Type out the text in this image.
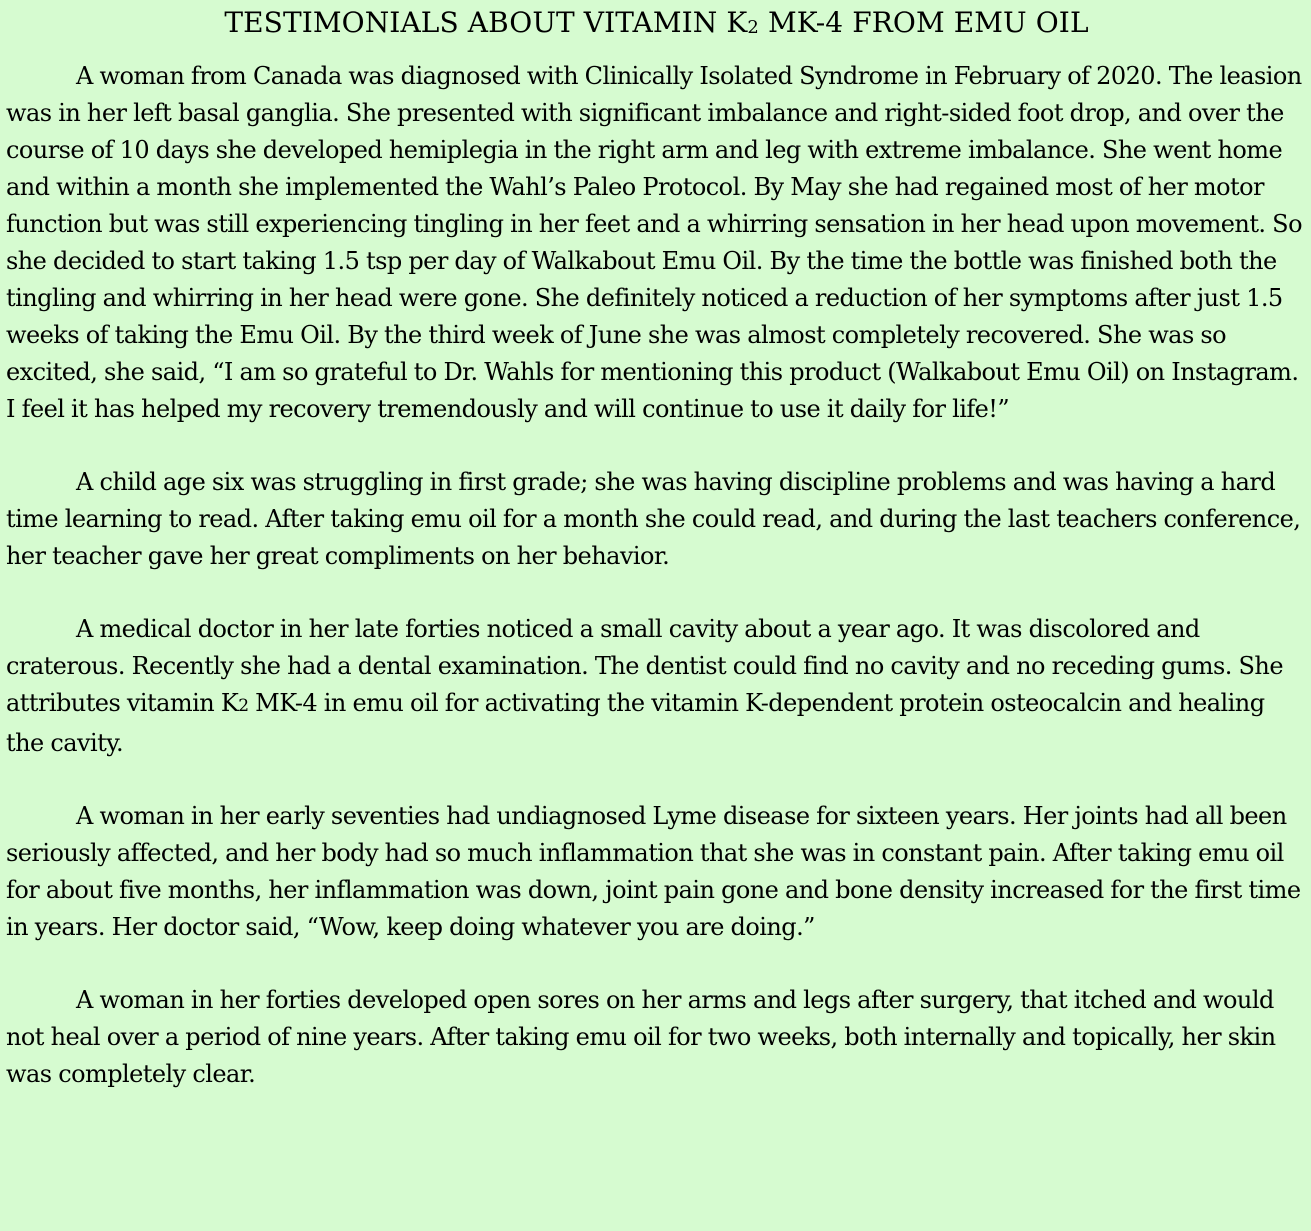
TESTIMONIALS ABOUT VITAMIN $K_2$ MK-4 FROM EMU OIL

A woman from Canada was diagnosed with Clinically Isolated Syndrome in February of 2020. The leasion was in her left basal ganglia. She presented with significant imbalance and right-sided foot drop, and over the course of 10 days she developed hemiplegia in the right arm and leg with extreme imbalance. She went home and within a month she implemented the Wahl’s Paleo Protocol. By May she had regained most of her motor function but was still experiencing tingling in her feet and a whirring sensation in her head upon movement. So she decided to start taking 1.5 tsp per day of Walkabout Emu Oil. By the time the bottle was finished both the tingling and whirring in her head were gone. She definitely noticed a reduction of her symptoms after just 1.5 weeks of taking the Emu Oil. By the third week of June she was almost completely recovered. She was so excited, she said, “I am so grateful to Dr. Wahls for mentioning this product (Walkabout Emu Oil) on Instagram. I feel it has helped my recovery tremendously and will continue to use it daily for life!”

A child age six was struggling in first grade; she was having discipline problems and was having a hard time learning to read. After taking emu oil for a month she could read, and during the last teachers conference, her teacher gave her great compliments on her behavior.

A medical doctor in her late forties noticed a small cavity about a year ago. It was discolored and craterous. Recently she had a dental examination. The dentist could find no cavity and no receding gums. She attributes vitamin K2 MK-4 in emu oil for activating the vitamin K-dependent protein osteocalcin and healing the cavity.

A woman in her early seventies had undiagnosed Lyme disease for sixteen years. Her joints had all been seriously affected, and her body had so much inflammation that she was in constant pain. After taking emu oil for about five months, her inflammation was down, joint pain gone and bone density increased for the first time in years. Her doctor said, “Wow, keep doing whatever you are doing.”

A woman in her forties developed open sores on her arms and legs after surgery, that itched and would not heal over a period of nine years. After taking emu oil for two weeks, both internally and topically, her skin was completely clear.
